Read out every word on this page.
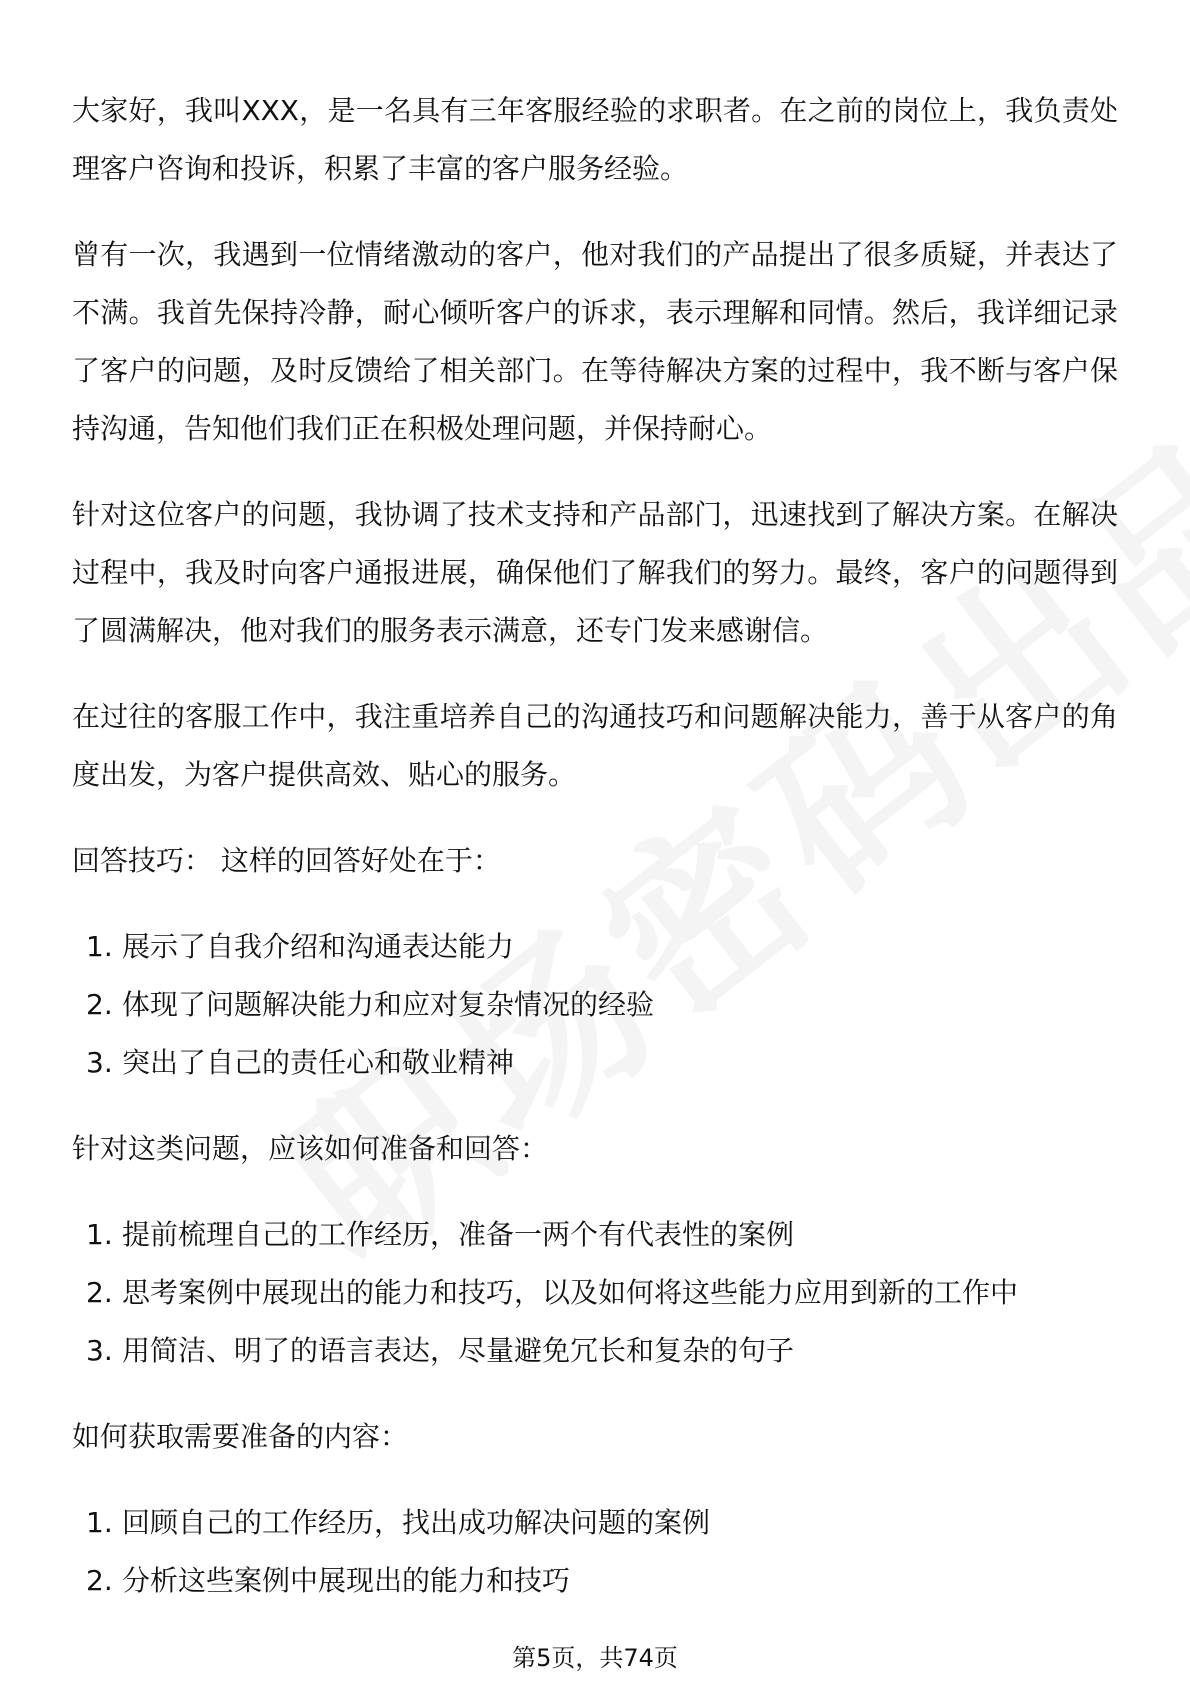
大家好，我叫XXX，是一名具有三年客服经验的求职者。在之前的岗位上，我负责处理客户咨询和投诉，积累了丰富的客户服务经验。

曾有一次，我遇到一位情绪激动的客户，他对我们的产品提出了很多质疑，并表达了不满。我首先保持冷静，耐心倾听客户的诉求，表示理解和同情。然后，我详细记录了客户的问题，及时反馈给了相关部门。在等待解决方案的过程中，我不断与客户保持沟通，告知他们我们正在积极处理问题，并保持耐心。

针对这位客户的问题，我协调了技术支持和产品部门，迅速找到了解决方案。在解决过程中，我及时向客户通报进展，确保他们了解我们的努力。最终，客户的问题得到了圆满解决，他对我们的服务表示满意，还专门发来感谢信。

在过往的客服工作中，我注重培养自己的沟通技巧和问题解决能力，善于从客户的角度出发，为客户提供高效、贴心的服务。

回答技巧： 这样的回答好处在于：

1. 展示了自我介绍和沟通表达能力
2. 体现了问题解决能力和应对复杂情况的经验
3. 突出了自己的责任心和敬业精神

针对这类问题，应该如何准备和回答：

1. 提前梳理自己的工作经历，准备一两个有代表性的案例
2. 思考案例中展现出的能力和技巧，以及如何将这些能力应用到新的工作中
3. 用简洁、明了的语言表达，尽量避免冗长和复杂的句子

如何获取需要准备的内容：

1. 回顾自己的工作经历，找出成功解决问题的案例
2. 分析这些案例中展现出的能力和技巧
第5页，共74页
